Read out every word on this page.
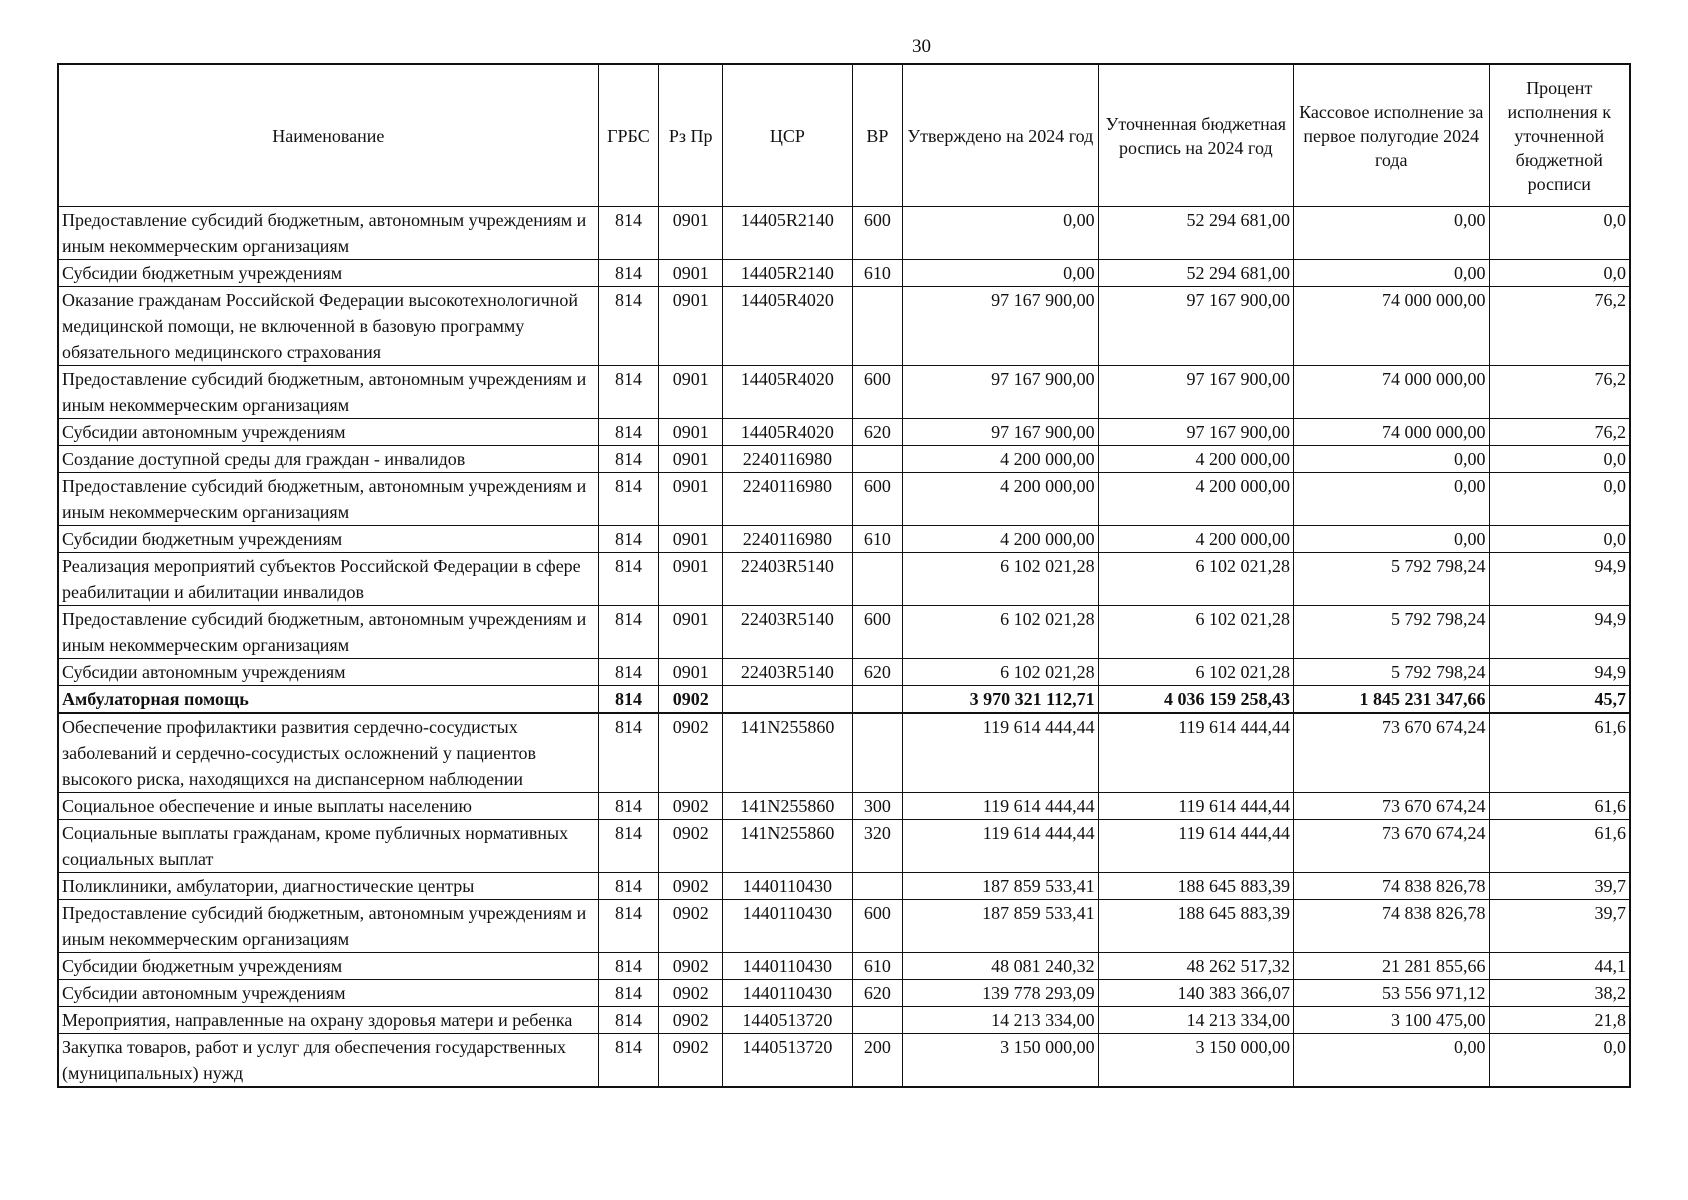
30
Наименование	ГРБС	Рз Пр	ЦСР	ВР	Утверждено на 2024 год	Уточненная бюджетная роспись на 2024 год	Кассовое исполнение за первое полугодие 2024 года	Процент исполнения к уточненной бюджетной росписи
Предоставление субсидий бюджетным, автономным учреждениям и иным некоммерческим организациям	814	0901	14405R2140	600	0,00	52 294 681,00	0,00	0,0
Субсидии бюджетным учреждениям	814	0901	14405R2140	610	0,00	52 294 681,00	0,00	0,0
Оказание гражданам Российской Федерации высокотехнологичной медицинской помощи, не включенной в базовую программу обязательного медицинского страхования	814	0901	14405R4020		97 167 900,00	97 167 900,00	74 000 000,00	76,2
Предоставление субсидий бюджетным, автономным учреждениям и иным некоммерческим организациям	814	0901	14405R4020	600	97 167 900,00	97 167 900,00	74 000 000,00	76,2
Субсидии автономным учреждениям	814	0901	14405R4020	620	97 167 900,00	97 167 900,00	74 000 000,00	76,2
Создание доступной среды для граждан - инвалидов	814	0901	2240116980		4 200 000,00	4 200 000,00	0,00	0,0
Предоставление субсидий бюджетным, автономным учреждениям и иным некоммерческим организациям	814	0901	2240116980	600	4 200 000,00	4 200 000,00	0,00	0,0
Субсидии бюджетным учреждениям	814	0901	2240116980	610	4 200 000,00	4 200 000,00	0,00	0,0
Реализация мероприятий субъектов Российской Федерации в сфере реабилитации и абилитации инвалидов	814	0901	22403R5140		6 102 021,28	6 102 021,28	5 792 798,24	94,9
Предоставление субсидий бюджетным, автономным учреждениям и иным некоммерческим организациям	814	0901	22403R5140	600	6 102 021,28	6 102 021,28	5 792 798,24	94,9
Субсидии автономным учреждениям	814	0901	22403R5140	620	6 102 021,28	6 102 021,28	5 792 798,24	94,9
Амбулаторная помощь	814	0902			3 970 321 112,71	4 036 159 258,43	1 845 231 347,66	45,7
Обеспечение профилактики развития сердечно-сосудистых заболеваний и сердечно-сосудистых осложнений у пациентов высокого риска, находящихся на диспансерном наблюдении	814	0902	141N255860		119 614 444,44	119 614 444,44	73 670 674,24	61,6
Социальное обеспечение и иные выплаты населению	814	0902	141N255860	300	119 614 444,44	119 614 444,44	73 670 674,24	61,6
Социальные выплаты гражданам, кроме публичных нормативных социальных выплат	814	0902	141N255860	320	119 614 444,44	119 614 444,44	73 670 674,24	61,6
Поликлиники, амбулатории, диагностические центры	814	0902	1440110430		187 859 533,41	188 645 883,39	74 838 826,78	39,7
Предоставление субсидий бюджетным, автономным учреждениям и иным некоммерческим организациям	814	0902	1440110430	600	187 859 533,41	188 645 883,39	74 838 826,78	39,7
Субсидии бюджетным учреждениям	814	0902	1440110430	610	48 081 240,32	48 262 517,32	21 281 855,66	44,1
Субсидии автономным учреждениям	814	0902	1440110430	620	139 778 293,09	140 383 366,07	53 556 971,12	38,2
Мероприятия, направленные на охрану здоровья матери и ребенка	814	0902	1440513720		14 213 334,00	14 213 334,00	3 100 475,00	21,8
Закупка товаров, работ и услуг для обеспечения государственных (муниципальных) нужд	814	0902	1440513720	200	3 150 000,00	3 150 000,00	0,00	0,0
